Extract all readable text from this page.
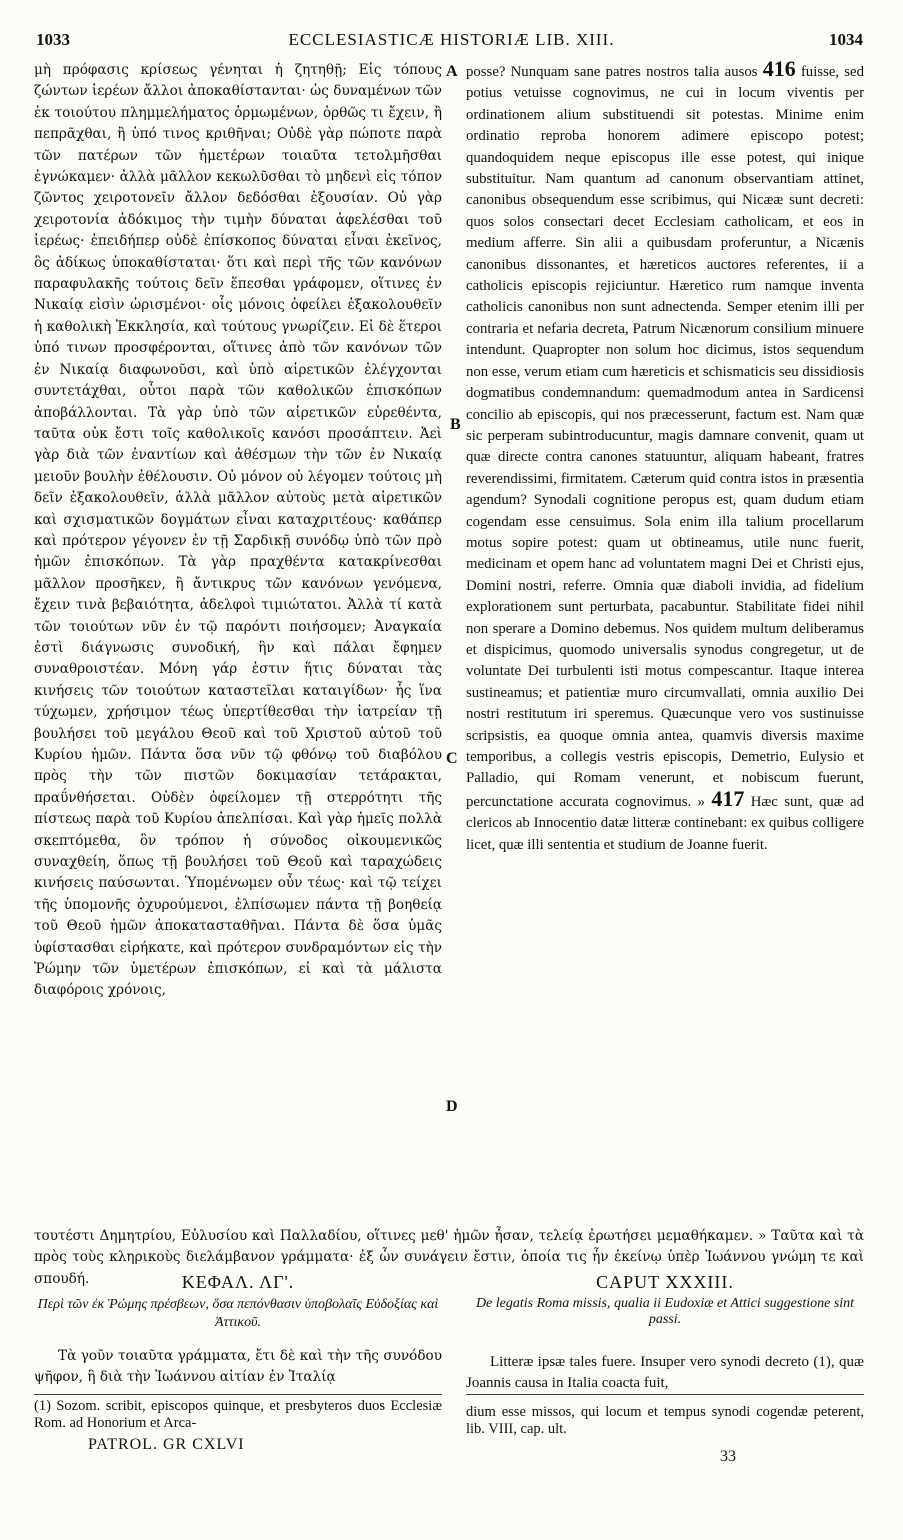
1033	ECCLESIASTICÆ HISTORIÆ LIB. XIII.	1034

μὴ πρόφασις κρίσεως γένηται ἡ ζητηθῇ; Εἰς τόπους ζώντων ἱερέων ἄλλοι ἀποκαθίστανται· ὡς δυναμένων τῶν ἐκ τοιούτου πλημμελήματος ὁρμωμένων, ὀρθῶς τι ἔχειν, ἢ πεπρᾶχθαι, ἢ ὑπό τινος κριθῆναι; Οὐδὲ γὰρ πώποτε παρὰ τῶν πατέρων τῶν ἡμετέρων τοιαῦτα τετολμῆσθαι ἐγνώκαμεν· ἀλλὰ μᾶλλον κεκωλῦσθαι τὸ μηδενὶ εἰς τόπον ζῶντος χειροτονεῖν ἄλλον δεδόσθαι ἐξουσίαν. Οὐ γὰρ χειροτονία ἀδόκιμος τὴν τιμὴν δύναται ἀφελέσθαι τοῦ ἱερέως· ἐπειδήπερ οὐδὲ ἐπίσκοπος δύναται εἶναι ἐκεῖνος, ὃς ἀδίκως ὑποκαθίσταται· ὅτι καὶ περὶ τῆς τῶν κανόνων παραφυλακῆς τούτοις δεῖν ἕπεσθαι γράφομεν, οἵτινες ἐν Νικαίᾳ εἰσὶν ὡρισμένοι· οἷς μόνοις ὀφείλει ἐξακολουθεῖν ἡ καθολικὴ Ἐκκλησία, καὶ τούτους γνωρίζειν. Εἰ δὲ ἕτεροι ὑπό τινων προσφέρονται, οἵτινες ἀπὸ τῶν κανόνων τῶν ἐν Νικαίᾳ διαφωνοῦσι, καὶ ὑπὸ αἱρετικῶν ἐλέγχονται συντετάχθαι, οὗτοι παρὰ τῶν καθολικῶν ἐπισκόπων ἀποβάλλονται. Τὰ γὰρ ὑπὸ τῶν αἱρετικῶν εὑρεθέντα, ταῦτα οὐκ ἔστι τοῖς καθολικοῖς κανόσι προσάπτειν. Ἀεὶ γὰρ διὰ τῶν ἐναντίων καὶ ἀθέσμων τὴν τῶν ἐν Νικαίᾳ μειοῦν βουλὴν ἐθέλουσιν. Οὐ μόνον οὐ λέγομεν τούτοις μὴ δεῖν ἐξακολουθεῖν, ἀλλὰ μᾶλλον αὐτοὺς μετὰ αἱρετικῶν καὶ σχισματικῶν δογμάτων εἶναι καταχριτέους· καθάπερ καὶ πρότερον γέγονεν ἐν τῇ Σαρδικῇ συνόδῳ ὑπὸ τῶν πρὸ ἡμῶν ἐπισκόπων. Τὰ γὰρ πραχθέντα κατακρίνεσθαι μᾶλλον προσῆκεν, ἢ ἄντικρυς τῶν κανόνων γενόμενα, ἔχειν τινὰ βεβαιότητα, ἀδελφοὶ τιμιώτατοι. Ἀλλὰ τί κατὰ τῶν τοιούτων νῦν ἐν τῷ παρόντι ποιήσομεν; Ἀναγκαία ἐστὶ διάγνωσις συνοδική, ἣν καὶ πάλαι ἔφημεν συναθροιστέαν. Μόνη γάρ ἐστιν ἥτις δύναται τὰς κινήσεις τῶν τοιούτων καταστεῖλαι καταιγίδων· ἧς ἵνα τύχωμεν, χρήσιμον τέως ὑπερτίθεσθαι τὴν ἰατρείαν τῇ βουλήσει τοῦ μεγάλου Θεοῦ καὶ τοῦ Χριστοῦ αὐτοῦ τοῦ Κυρίου ἡμῶν. Πάντα ὅσα νῦν τῷ φθόνῳ τοῦ διαβόλου πρὸς τὴν τῶν πιστῶν δοκιμασίαν τετάρακται, πραΰνθήσεται. Οὐδὲν ὀφείλομεν τῇ στερρότητι τῆς πίστεως παρὰ τοῦ Κυρίου ἀπελπίσαι. Καὶ γὰρ ἡμεῖς πολλὰ σκεπτόμεθα, ὃν τρόπον ἡ σύνοδος οἰκουμενικῶς συναχθείη, ὅπως τῇ βουλήσει τοῦ Θεοῦ καὶ ταραχώδεις κινήσεις παύσωνται. Ὑπομένωμεν οὖν τέως· καὶ τῷ τείχει τῆς ὑπομονῆς ὀχυρούμενοι, ἐλπίσωμεν πάντα τῇ βοηθείᾳ τοῦ Θεοῦ ἡμῶν ἀποκατασταθῆναι. Πάντα δὲ ὅσα ὑμᾶς ὑφίστασθαι εἰρήκατε, καὶ πρότερον συνδραμόντων εἰς τὴν Ῥώμην τῶν ὑμετέρων ἐπισκόπων, εἰ καὶ τὰ μάλιστα διαφόροις χρόνοις,

A
B
C
D

posse? Nunquam sane patres nostros talia ausos 416 fuisse, sed potius vetuisse cognovimus, ne cui in locum viventis per ordinationem alium substituendi sit potestas. Minime enim ordinatio reproba honorem adimere episcopo potest; quandoquidem neque episcopus ille esse potest, qui inique substituitur. Nam quantum ad canonum observantiam attinet, canonibus obsequendum esse scribimus, qui Nicææ sunt decreti: quos solos consectari decet Ecclesiam catholicam, et eos in medium afferre. Sin alii a quibusdam proferuntur, a Nicænis canonibus dissonantes, et hæreticos auctores referentes, ii a catholicis episcopis rejiciuntur. Hæretico rum namque inventa catholicis canonibus non sunt adnectenda. Semper etenim illi per contraria et nefaria decreta, Patrum Nicænorum consilium minuere intendunt. Quapropter non solum hoc dicimus, istos sequendum non esse, verum etiam cum hæreticis et schismaticis seu dissidiosis dogmatibus condemnandum: quemadmodum antea in Sardicensi concilio ab episcopis, qui nos præcesserunt, factum est. Nam quæ sic perperam subintroducuntur, magis damnare convenit, quam ut quæ directe contra canones statuuntur, aliquam habeant, fratres reverendissimi, firmitatem. Cæterum quid contra istos in præsentia agendum? Synodali cognitione peropus est, quam dudum etiam cogendam esse censuimus. Sola enim illa talium procellarum motus sopire potest: quam ut obtineamus, utile nunc fuerit, medicinam et opem hanc ad voluntatem magni Dei et Christi ejus, Domini nostri, referre. Omnia quæ diaboli invidia, ad fidelium explorationem sunt perturbata, pacabuntur. Stabilitate fidei nihil non sperare a Domino debemus. Nos quidem multum deliberamus et dispicimus, quomodo universalis synodus congregetur, ut de voluntate Dei turbulenti isti motus compescantur. Itaque interea sustineamus; et patientiæ muro circumvallati, omnia auxilio Dei nostri restitutum iri speremus. Quæcunque vero vos sustinuisse scripsistis, ea quoque omnia antea, quamvis diversis maxime temporibus, a collegis vestris episcopis, Demetrio, Eulysio et Palladio, qui Romam venerunt, et nobiscum fuerunt, percunctatione accurata cognovimus. » 417 Hæc sunt, quæ ad clericos ab Innocentio datæ litteræ continebant: ex quibus colligere licet, quæ illi sententia et studium de Joanne fuerit.

τουτέστι Δημητρίου, Εὐλυσίου καὶ Παλλαδίου, οἵτινες μεθ' ἡμῶν ἦσαν, τελείᾳ ἐρωτήσει μεμαθήκαμεν. » Ταῦτα καὶ τὰ πρὸς τοὺς κληρικοὺς διελάμβανον γράμματα· ἐξ ὧν συνάγειν ἔστιν, ὁποία τις ἦν ἐκείνῳ ὑπὲρ Ἰωάννου γνώμη τε καὶ σπουδή.	ΚΕΦΑΛ. ΛΓ'.
Περὶ τῶν ἐκ Ῥώμης πρέσβεων, ὅσα πεπόνθασιν ὑποβολαῖς Εὐδοξίας καὶ Ἀττικοῦ.
Τὰ γοῦν τοιαῦτα γράμματα, ἔτι δὲ καὶ τὴν τῆς συνόδου ψῆφον, ἣ διὰ τὴν Ἰωάννου αἰτίαν ἐν Ἰταλίᾳ
CAPUT XXXIII.
De legatis Roma missis, qualia ii Eudoxiæ et Attici suggestione sint passi.
Litteræ ipsæ tales fuere. Insuper vero synodi decreto (1), quæ Joannis causa in Italia coacta fuit,
(1) Sozom. scribit, episcopos quinque, et presbyteros duos Ecclesiæ Rom. ad Honorium et Arca-
dium esse missos, qui locum et tempus synodi cogendæ peterent, lib. VIII, cap. ult.
PATROL. GR CXLVI
33
